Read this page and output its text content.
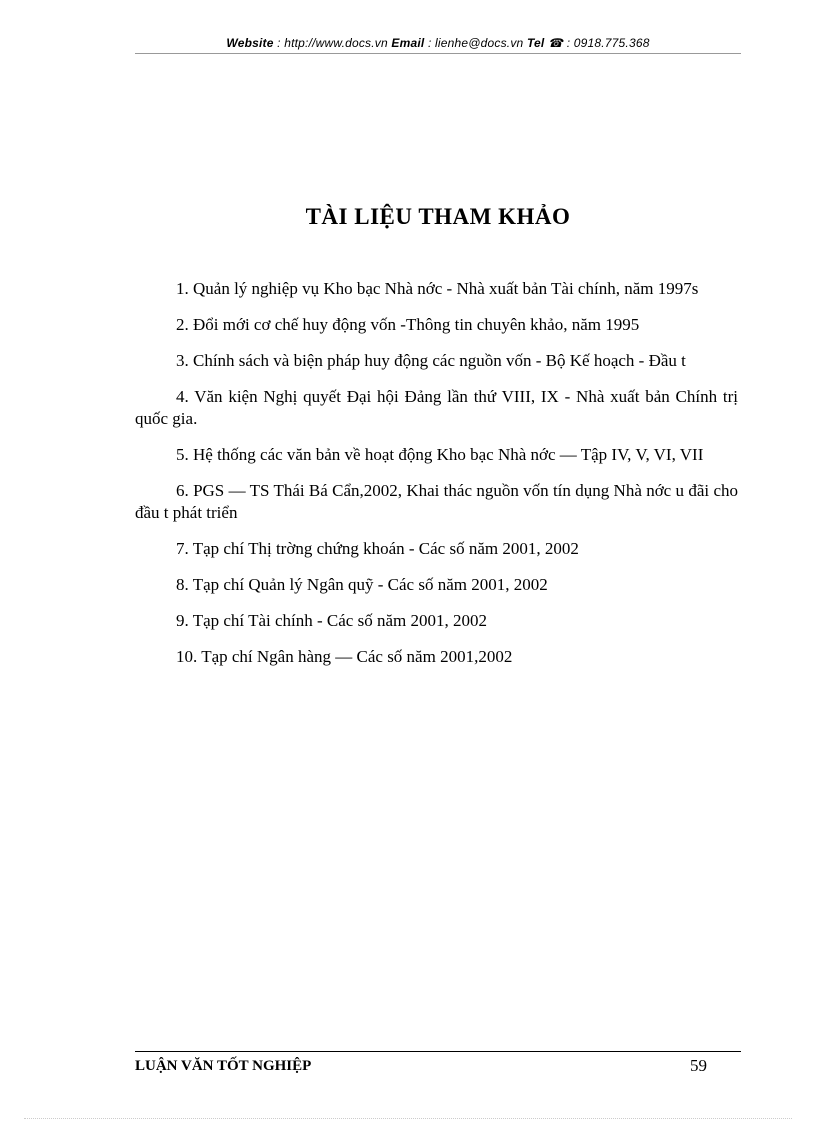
Website : http://www.docs.vn Email : lienhe@docs.vn Tel ☎ : 0918.775.368
TÀI LIỆU THAM KHẢO
1. Quản lý nghiệp vụ Kho bạc Nhà nớc - Nhà xuất bản Tài chính, năm 1997s
2. Đổi mới cơ chế huy động vốn -Thông tin chuyên khảo, năm 1995
3. Chính sách và biện pháp huy động các nguồn vốn - Bộ Kế hoạch - Đầu t
4. Văn kiện Nghị quyết Đại hội Đảng lần thứ VIII, IX - Nhà xuất bản Chính trị quốc gia.
5. Hệ thống các văn bản về hoạt động Kho bạc Nhà nớc — Tập IV, V, VI, VII
6. PGS — TS Thái Bá Cẩn,2002, Khai thác nguồn vốn tín dụng Nhà nớc u đãi cho đầu t phát triển
7. Tạp chí Thị trờng chứng khoán - Các số năm 2001, 2002
8. Tạp chí Quản lý Ngân quỹ - Các số năm 2001, 2002
9. Tạp chí Tài chính - Các số năm 2001, 2002
10. Tạp chí Ngân hàng — Các số năm 2001,2002
LUẬN VĂN TỐT NGHIỆP	59
